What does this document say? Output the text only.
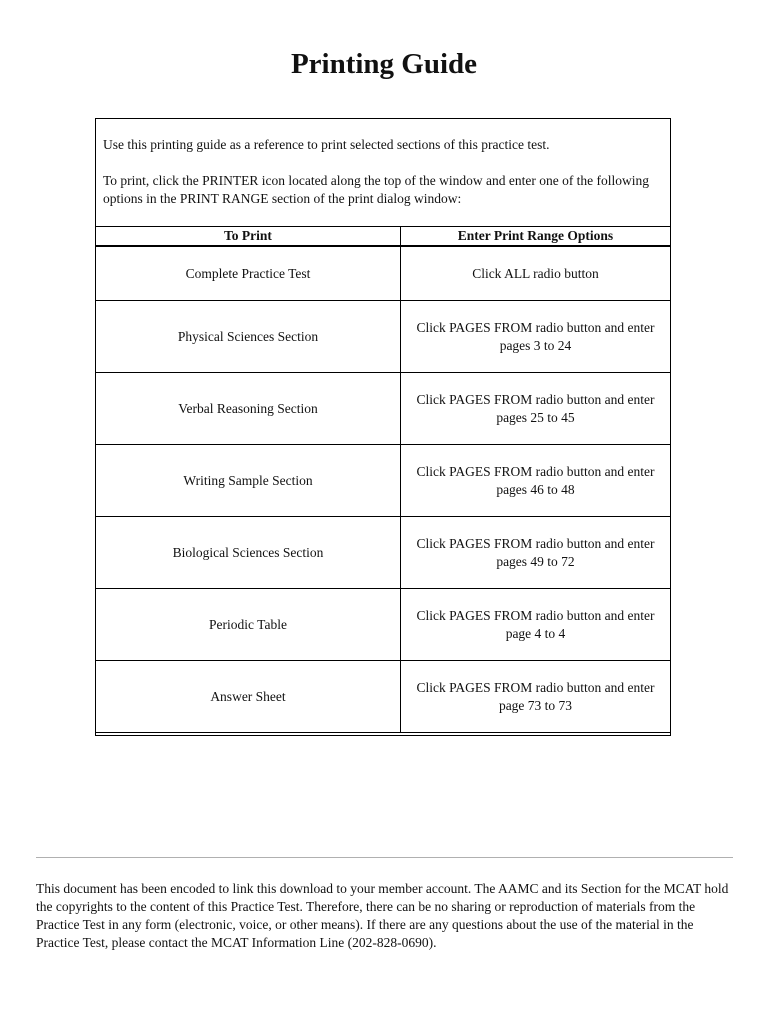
Printing Guide

Use this printing guide as a reference to print selected sections of this practice test.

To print, click the PRINTER icon located along the top of the window and enter one of the following options in the PRINT RANGE section of the print dialog window:

To Print	Enter Print Range Options
Complete Practice Test	Click ALL radio button
Physical Sciences Section	Click PAGES FROM radio button and enter pages 3 to 24
Verbal Reasoning Section	Click PAGES FROM radio button and enter pages 25 to 45
Writing Sample Section	Click PAGES FROM radio button and enter pages 46 to 48
Biological Sciences Section	Click PAGES FROM radio button and enter pages 49 to 72
Periodic Table	Click PAGES FROM radio button and enter page 4 to 4
Answer Sheet	Click PAGES FROM radio button and enter page 73 to 73

This document has been encoded to link this download to your member account. The AAMC and its Section for the MCAT hold the copyrights to the content of this Practice Test. Therefore, there can be no sharing or reproduction of materials from the Practice Test in any form (electronic, voice, or other means). If there are any questions about the use of the material in the Practice Test, please contact the MCAT Information Line (202-828-0690).
